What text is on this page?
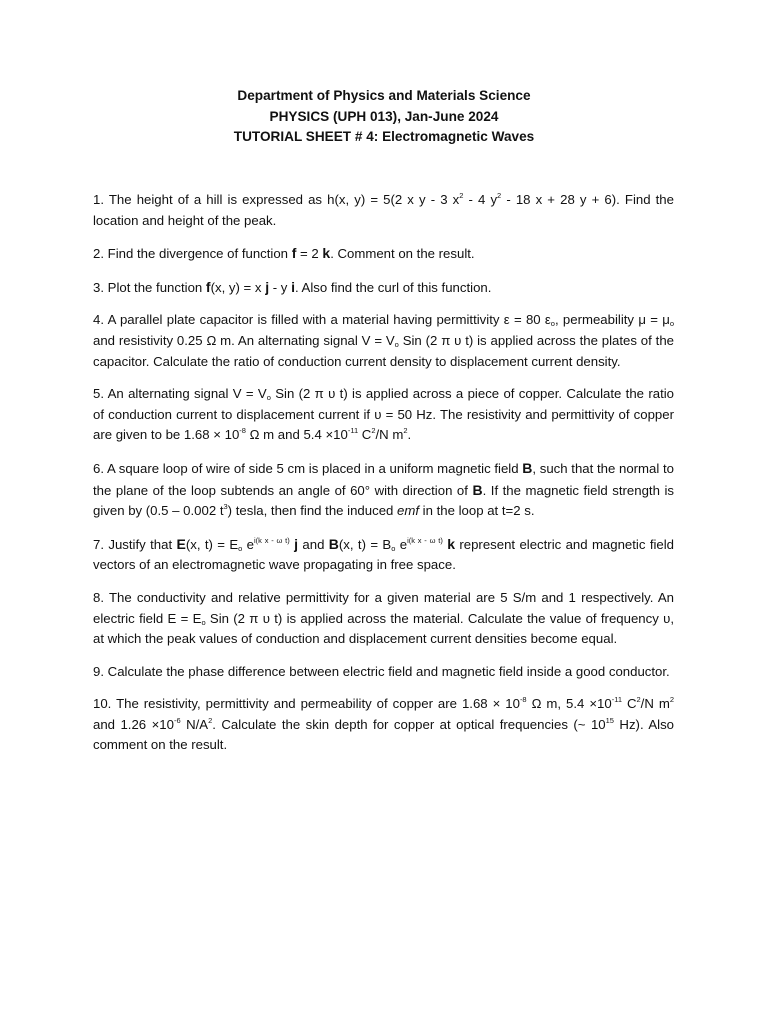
Department of Physics and Materials Science
PHYSICS (UPH 013), Jan-June 2024
TUTORIAL SHEET # 4: Electromagnetic Waves

1. The height of a hill is expressed as h(x, y) = 5(2 x y - 3 $x^2 - 4$ $y^2 - 18$ x + 28 y + 6). Find the location and height of the peak.

2. Find the divergence of function f = 2 k. Comment on the result.

3. Plot the function f(x, y) = x j - y i. Also find the curl of this function.

4. A parallel plate capacitor is filled with a material having permittivity ε = 80 $\varepsilon_o$, permeability $\mu = \mu_o$ and resistivity 0.25 Ω m. An alternating signal $V = V_o$ Sin (2 π υ t) is applied across the plates of the capacitor. Calculate the ratio of conduction current density to displacement current density.

5. An alternating signal $V = V_o$ Sin (2 π υ t) is applied across a piece of copper. Calculate the ratio of conduction current to displacement current if υ = 50 Hz. The resistivity and permittivity of copper are given to be $1.68 \times 10^{-8}$ Ω m and $5.4 \times 10^{-11}$ $C^2/N$ $m^2$.

6. A square loop of wire of side 5 cm is placed in a uniform magnetic field B, such that the normal to the plane of the loop subtends an angle of 60° with direction of B. If the magnetic field strength is given by (0.5 – 0.002 $t^3$) tesla, then find the induced emf in the loop at t=2 s.

7. Justify that E(x, $t) = E_o$ $e^{i(k x - \omega t)}$ j and B(x, $t) = B_o$ $e^{i(k x - \omega t)}$ k represent electric and magnetic field vectors of an electromagnetic wave propagating in free space.

8. The conductivity and relative permittivity for a given material are 5 S/m and 1 respectively. An electric field $E = E_o$ Sin (2 π υ t) is applied across the material. Calculate the value of frequency υ, at which the peak values of conduction and displacement current densities become equal.

9. Calculate the phase difference between electric field and magnetic field inside a good conductor.

10. The resistivity, permittivity and permeability of copper are $1.68 \times 10^{-8}$ Ω m, $5.4 \times 10^{-11}$ $C^2/N$ $m^2$ and $1.26 \times 10^{-6}$ $N/A^2$. Calculate the skin depth for copper at optical frequencies (~ $10^{15}$ Hz). Also comment on the result.
